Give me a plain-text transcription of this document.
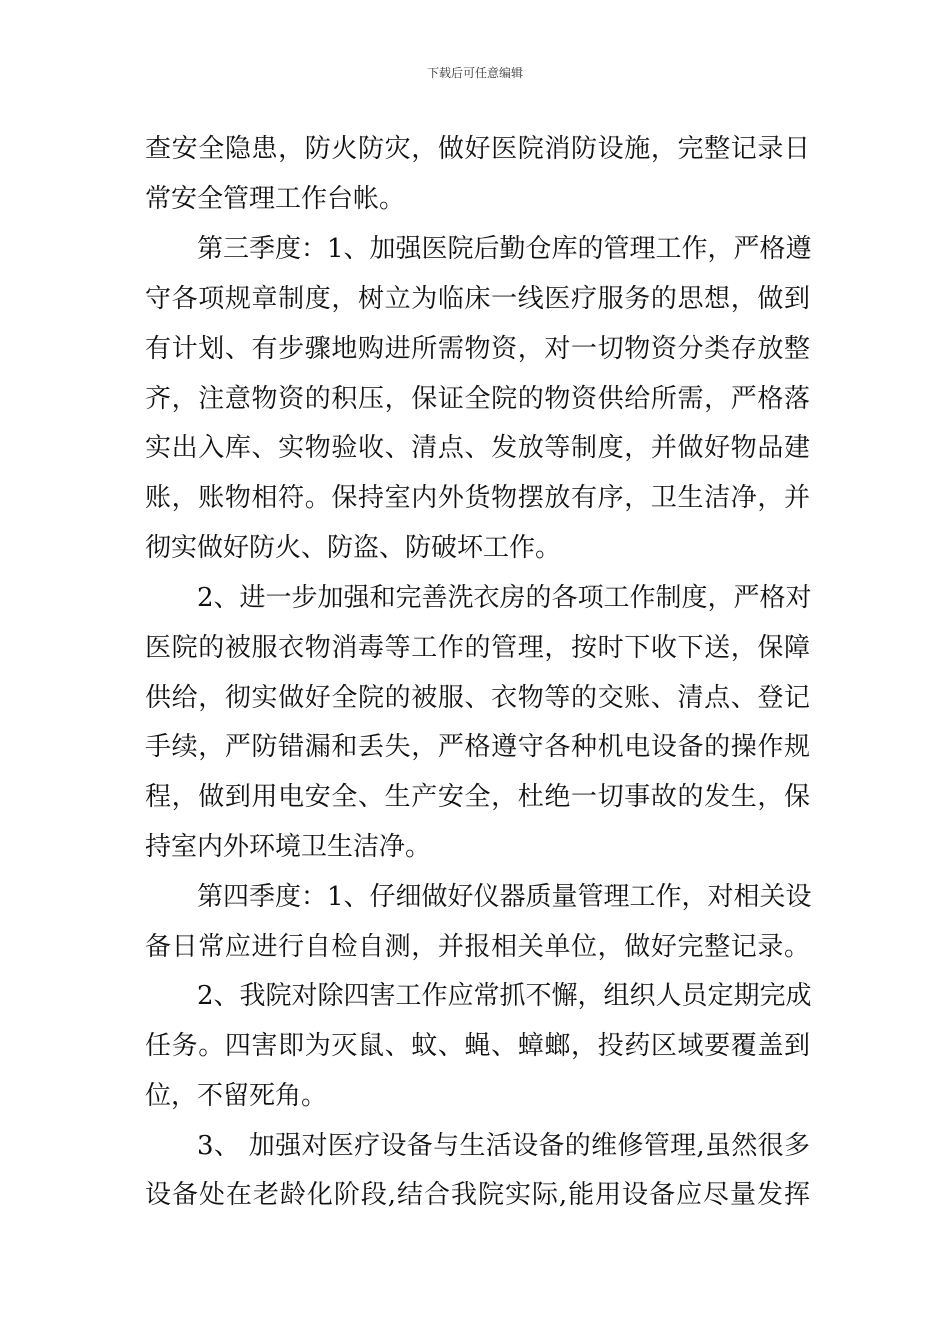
下载后可任意编辑
查安全隐患，防火防灾，做好医院消防设施，完整记录日
常安全管理工作台帐。
第三季度：1、加强医院后勤仓库的管理工作，严格遵
守各项规章制度，树立为临床一线医疗服务的思想，做到
有计划、有步骤地购进所需物资，对一切物资分类存放整
齐，注意物资的积压，保证全院的物资供给所需，严格落
实出入库、实物验收、清点、发放等制度，并做好物品建
账，账物相符。保持室内外货物摆放有序，卫生洁净，并
彻实做好防火、防盗、防破坏工作。
2、进一步加强和完善洗衣房的各项工作制度，严格对
医院的被服衣物消毒等工作的管理，按时下收下送，保障
供给，彻实做好全院的被服、衣物等的交账、清点、登记
手续，严防错漏和丢失，严格遵守各种机电设备的操作规
程，做到用电安全、生产安全，杜绝一切事故的发生，保
持室内外环境卫生洁净。
第四季度：1、仔细做好仪器质量管理工作，对相关设
备日常应进行自检自测，并报相关单位，做好完整记录。
2、我院对除四害工作应常抓不懈，组织人员定期完成
任务。四害即为灭鼠、蚊、蝇、蟑螂，投药区域要覆盖到
位，不留死角。
3、 加强对医疗设备与生活设备的维修管理,虽然很多
设备处在老龄化阶段,结合我院实际,能用设备应尽量发挥
